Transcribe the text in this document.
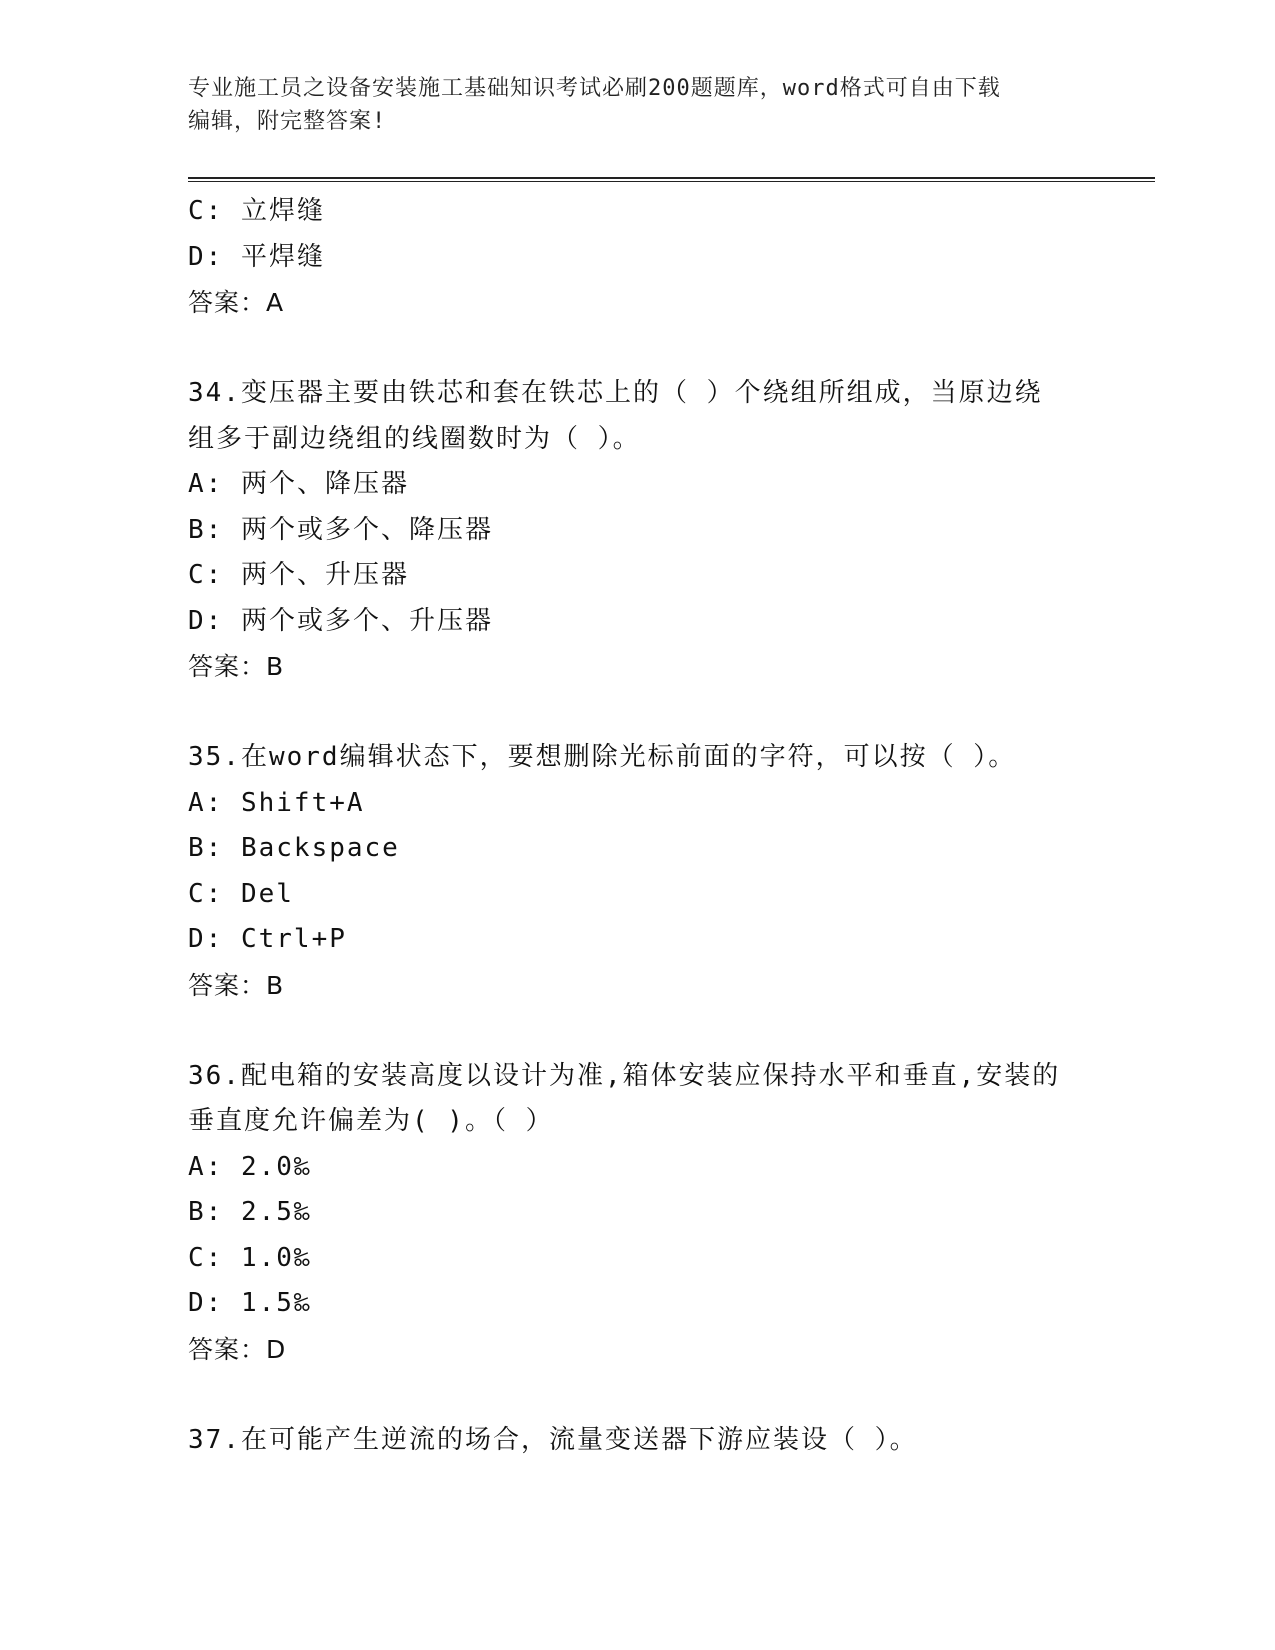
专业施工员之设备安装施工基础知识考试必刷200题题库，word格式可自由下载
编辑，附完整答案!
C: 立焊缝
D: 平焊缝
答案：A
34.变压器主要由铁芯和套在铁芯上的（ ）个绕组所组成，当原边绕
组多于副边绕组的线圈数时为（ ）。
A: 两个、降压器
B: 两个或多个、降压器
C: 两个、升压器
D: 两个或多个、升压器
答案：B
35.在word编辑状态下，要想删除光标前面的字符，可以按（ ）。
A: Shift+A
B: Backspace
C: Del
D: Ctrl+P
答案：B
36.配电箱的安装高度以设计为准,箱体安装应保持水平和垂直,安装的
垂直度允许偏差为( )。（ ）
A: 2.0‰
B: 2.5‰
C: 1.0‰
D: 1.5‰
答案：D
37.在可能产生逆流的场合，流量变送器下游应装设（ ）。
